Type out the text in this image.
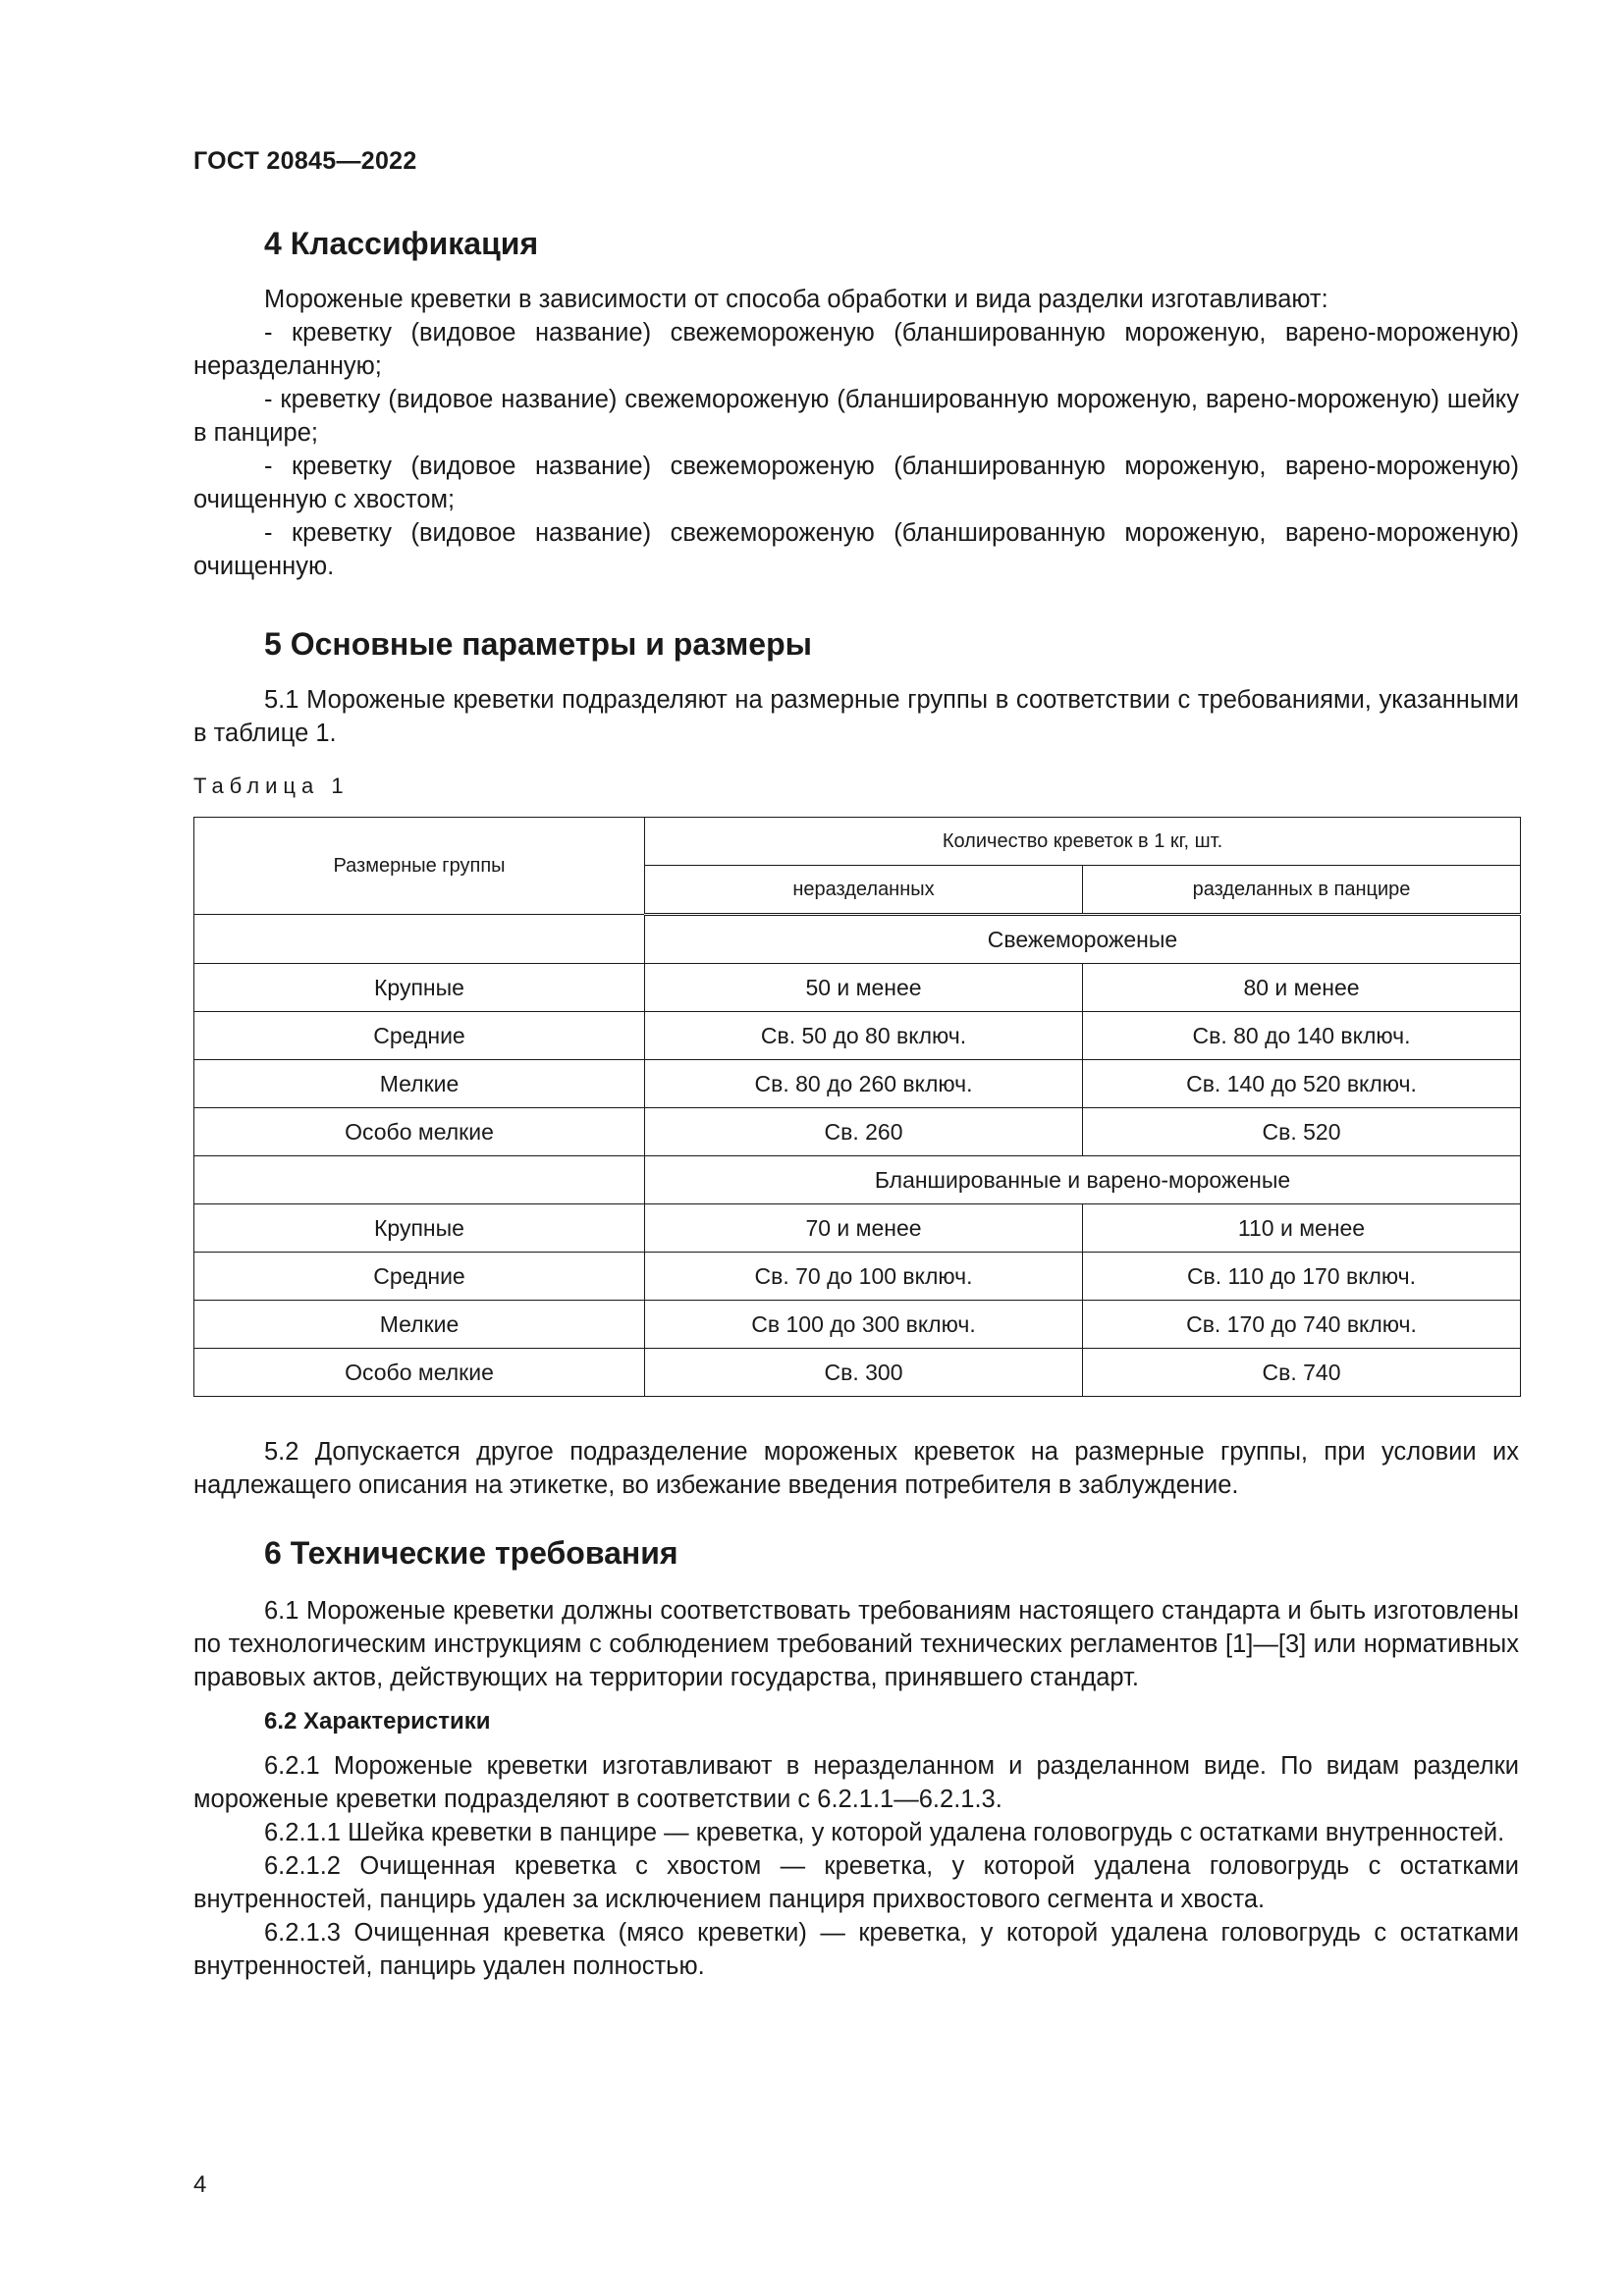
ГОСТ 20845—2022
4 Классификация

Мороженые креветки в зависимости от способа обработки и вида разделки изготавливают:

- креветку (видовое название) свежемороженую (бланшированную мороженую, варено-мороженую) неразделанную;

- креветку (видовое название) свежемороженую (бланшированную мороженую, варено-мороженую) шейку в панцире;

- креветку (видовое название) свежемороженую (бланшированную мороженую, варено-мороженую) очищенную с хвостом;

- креветку (видовое название) свежемороженую (бланшированную мороженую, варено-мороженую) очищенную.

5 Основные параметры и размеры

5.1 Мороженые креветки подразделяют на размерные группы в соответствии с требованиями, указанными в таблице 1.

Таблица 1
Размерные группы	Количество креветок в 1 кг, шт.	
	неразделанных	разделанных в панцире
	Свежемороженые	
Крупные	50 и менее	80 и менее
Средние	Св. 50 до 80 включ.	Св. 80 до 140 включ.
Мелкие	Св. 80 до 260 включ.	Св. 140 до 520 включ.
Особо мелкие	Св. 260	Св. 520
	Бланшированные и варено-мороженые	
Крупные	70 и менее	110 и менее
Средние	Св. 70 до 100 включ.	Св. 110 до 170 включ.
Мелкие	Св 100 до 300 включ.	Св. 170 до 740 включ.
Особо мелкие	Св. 300	Св. 740

5.2 Допускается другое подразделение мороженых креветок на размерные группы, при условии их надлежащего описания на этикетке, во избежание введения потребителя в заблуждение.

6 Технические требования

6.1 Мороженые креветки должны соответствовать требованиям настоящего стандарта и быть изготовлены по технологическим инструкциям с соблюдением требований технических регламентов [1]—[3] или нормативных правовых актов, действующих на территории государства, принявшего стандарт.

6.2 Характеристики

6.2.1 Мороженые креветки изготавливают в неразделанном и разделанном виде. По видам разделки мороженые креветки подразделяют в соответствии с 6.2.1.1—6.2.1.3.

6.2.1.1 Шейка креветки в панцире — креветка, у которой удалена головогрудь с остатками внутренностей.

6.2.1.2 Очищенная креветка с хвостом — креветка, у которой удалена головогрудь с остатками внутренностей, панцирь удален за исключением панциря прихвостового сегмента и хвоста.

6.2.1.3 Очищенная креветка (мясо креветки) — креветка, у которой удалена головогрудь с остатками внутренностей, панцирь удален полностью.

4
